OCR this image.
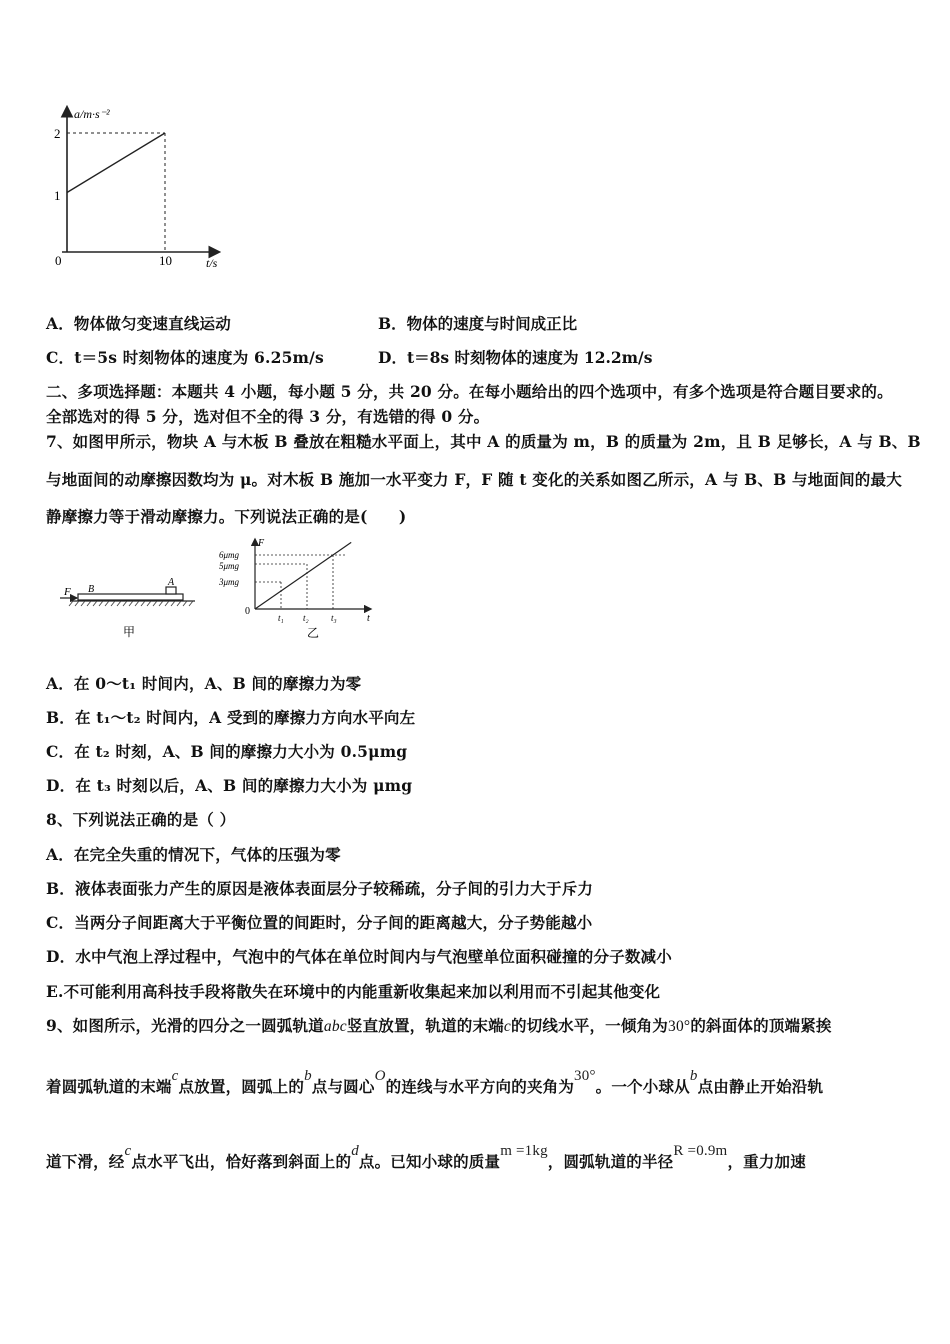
a/m·s⁻²
2
1
0	10	t/s
A．物体做匀变速直线运动	B．物体的速度与时间成正比
C．t＝5s 时刻物体的速度为 6.25m/s	D．t＝8s 时刻物体的速度为 12.2m/s
二、多项选择题：本题共 4 小题，每小题 5 分，共 20 分。在每小题给出的四个选项中，有多个选项是符合题目要求的。
全部选对的得 5 分，选对但不全的得 3 分，有选错的得 0 分。
7、如图甲所示，物块 A 与木板 B 叠放在粗糙水平面上，其中 A 的质量为 m，B 的质量为 2m，且 B 足够长，A 与 B、B
与地面间的动摩擦因数均为 μ。对木板 B 施加一水平变力 F，F 随 t 变化的关系如图乙所示，A 与 B、B 与地面间的最大
静摩擦力等于滑动摩擦力。下列说法正确的是(　　)
F B
A
甲
F
t
0
6μmg
5μmg
3μmg
t₁ t₂ t₃
乙
A．在 0～t₁ 时间内，A、B 间的摩擦力为零
B．在 t₁～t₂ 时间内，A 受到的摩擦力方向水平向左
C．在 t₂ 时刻，A、B 间的摩擦力大小为 0.5μmg
D．在 t₃ 时刻以后，A、B 间的摩擦力大小为 μmg
8、下列说法正确的是（ ）
A．在完全失重的情况下，气体的压强为零
B．液体表面张力产生的原因是液体表面层分子较稀疏，分子间的引力大于斥力
C．当两分子间距离大于平衡位置的间距时，分子间的距离越大，分子势能越小
D．水中气泡上浮过程中，气泡中的气体在单位时间内与气泡壁单位面积碰撞的分子数减小
E.不可能利用高科技手段将散失在环境中的内能重新收集起来加以利用而不引起其他变化
9、如图所示，光滑的四分之一圆弧轨道abc竖直放置，轨道的末端c的切线水平，一倾角为30°的斜面体的顶端紧挨
着圆弧轨道的末端c点放置，圆弧上的b点与圆心O的连线与水平方向的夹角为30°。一个小球从b点由静止开始沿轨
道下滑，经c点水平飞出，恰好落到斜面上的d点。已知小球的质量m =1kg，圆弧轨道的半径R =0.9m，重力加速
